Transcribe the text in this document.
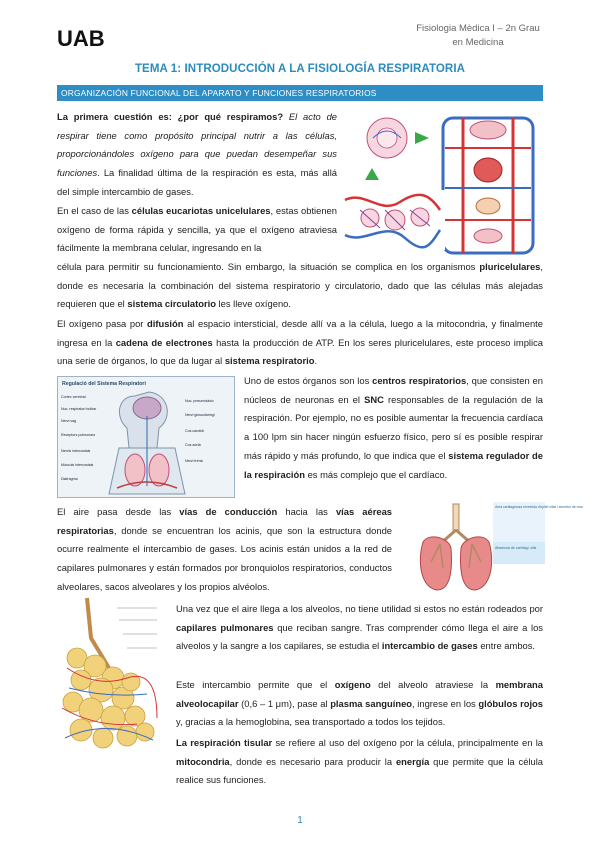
UAB	Fisiologia Mèdica I – 2n Grau
en Medicina
TEMA 1: INTRODUCCIÓN A LA FISIOLOGÍA RESPIRATORIA
ORGANIZACIÓN FUNCIONAL DEL APARATO Y FUNCIONES RESPIRATORIOS
La primera cuestión es: ¿por qué respiramos? El acto de respirar tiene como propósito principal nutrir a las células, proporcionándoles oxígeno para que puedan desempeñar sus funciones. La finalidad última de la respiración es esta, más allá del simple intercambio de gases.
En el caso de las células eucariotas unicelulares, estas obtienen oxígeno de forma rápida y sencilla, ya que el oxígeno atraviesa fácilmente la membrana celular, ingresando en la
célula para permitir su funcionamiento. Sin embargo, la situación se complica en los organismos pluricelulares, donde es necesaria la combinación del sistema respiratorio y circulatorio, dado que las células más alejadas requieren que el sistema circulatorio les lleve oxígeno.
El oxígeno pasa por difusión al espacio intersticial, desde allí va a la célula, luego a la mitocondria, y finalmente ingresa en la cadena de electrones hasta la producción de ATP. En los seres pluricelulares, este proceso implica una serie de órganos, lo que da lugar al sistema respiratorio.
Regulació del Sistema Respiratori
Cortex cerebral
Nuc. respiratori bulbar
Nervi vag
Receptors pulmonars
Nervis intercostals
Músculs intercostals
Diafragma
Nuc. pneumotàxic
Nervi glossofaringi
Cos carotidi
Cos aòrtic
Nervi frènic
Uno de estos órganos son los centros respiratorios, que consisten en núcleos de neuronas en el SNC responsables de la regulación de la respiración. Por ejemplo, no es posible aumentar la frecuencia cardíaca a 100 lpm sin hacer ningún esfuerzo físico, pero sí es posible respirar más rápido y más profundo, lo que indica que el sistema regulador de la respiración es más complejo que el cardíaco.
Àrea cartilaginosa revestida d'epitel ciliat i secretor de moc
Absència de cartílag i cilis
El aire pasa desde las vías de conducción hacia las vías aéreas respiratorias, donde se encuentran los acinis, que son la estructura donde ocurre realmente el intercambio de gases. Los acinis están unidos a la red de capilares pulmonares y están formados por bronquiolos respiratorios, conductos alveolares, sacos alveolares y los propios alvéolos.
Una vez que el aire llega a los alveolos, no tiene utilidad si estos no están rodeados por capilares pulmonares que reciban sangre. Tras comprender cómo llega el aire a los alveolos y la sangre a los capilares, se estudia el intercambio de gases entre ambos.
Este intercambio permite que el oxígeno del alveolo atraviese la membrana alveolocapilar (0,6 – 1 μm), pase al plasma sanguíneo, ingrese en los glóbulos rojos y, gracias a la hemoglobina, sea transportado a todos los tejidos.
La respiración tisular se refiere al uso del oxígeno por la célula, principalmente en la mitocondria, donde es necesario para producir la energía que permite que la célula realice sus funciones.
1
